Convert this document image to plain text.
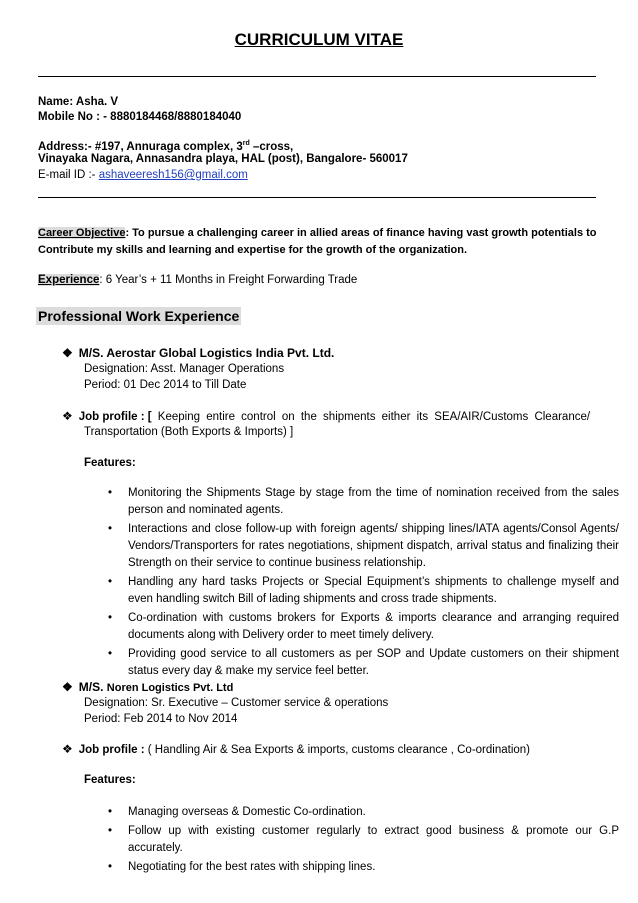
CURRICULUM VITAE
Name: Asha. V
Mobile No : - 8880184468/8880184040
Address:- #197, Annuraga complex, 3rd –cross,
Vinayaka Nagara, Annasandra playa, HAL (post), Bangalore- 560017
E-mail ID :- ashaveeresh156@gmail.com
Career Objective: To pursue a challenging career in allied areas of finance having vast growth potentials to
Contribute my skills and learning and expertise for the growth of the organization.
Experience: 6 Year’s + 11 Months in Freight Forwarding Trade
Professional Work Experience
❖ M/S. Aerostar Global Logistics India Pvt. Ltd.
Designation: Asst. Manager Operations
Period: 01 Dec 2014 to Till Date
❖ Job profile : [ Keeping entire control on the shipments either its SEA/AIR/Customs Clearance/
Transportation (Both Exports & Imports) ]
Features:
• Monitoring the Shipments Stage by stage from the time of nomination received from the sales person and nominated agents.
• Interactions and close follow-up with foreign agents/ shipping lines/IATA agents/Consol Agents/ Vendors/Transporters for rates negotiations, shipment dispatch, arrival status and finalizing their Strength on their service to continue business relationship.
• Handling any hard tasks Projects or Special Equipment’s shipments to challenge myself and even handling switch Bill of lading shipments and cross trade shipments.
• Co-ordination with customs brokers for Exports & imports clearance and arranging required documents along with Delivery order to meet timely delivery.
• Providing good service to all customers as per SOP and Update customers on their shipment status every day & make my service feel better.
❖ M/S. Noren Logistics Pvt. Ltd
Designation: Sr. Executive – Customer service & operations
Period: Feb 2014 to Nov 2014
❖ Job profile : ( Handling Air & Sea Exports & imports, customs clearance , Co-ordination)
Features:
• Managing overseas & Domestic Co-ordination.
• Follow up with existing customer regularly to extract good business & promote our G.P accurately.
• Negotiating for the best rates with shipping lines.
